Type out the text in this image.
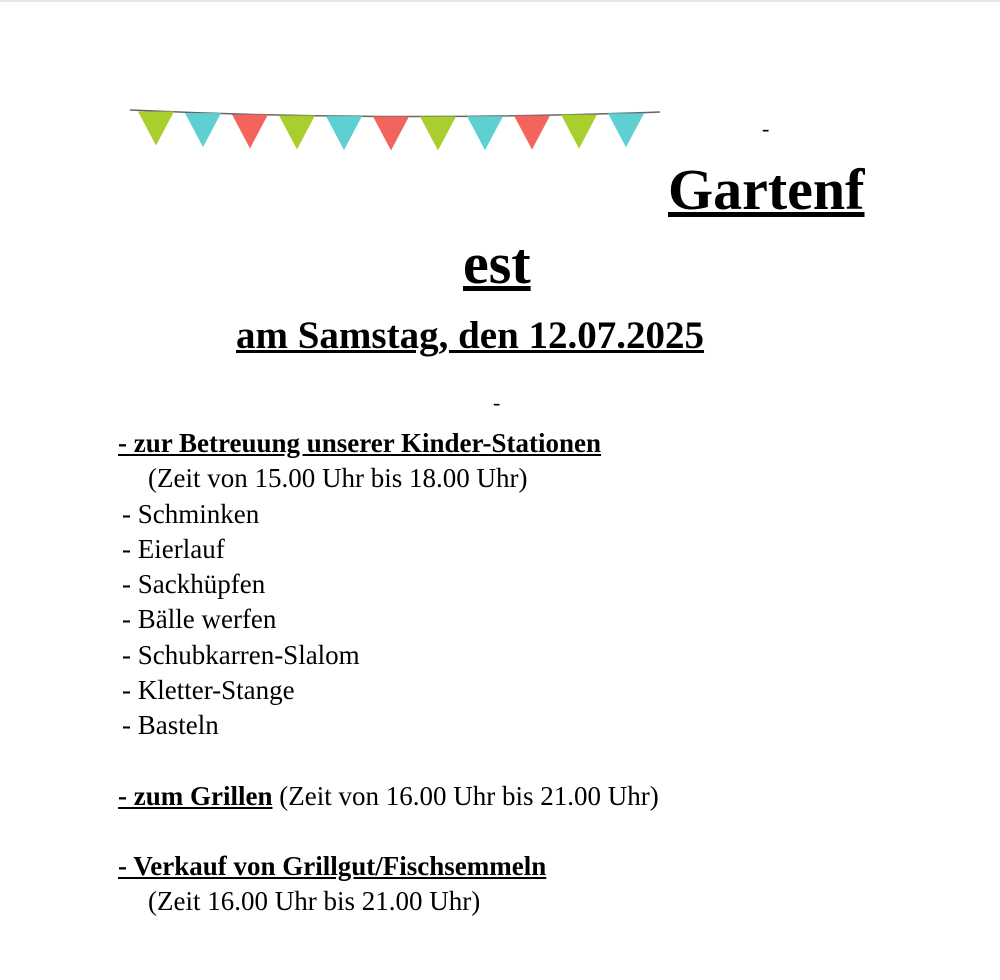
-
Gartenf
est
am Samstag, den 12.07.2025
-
- zur Betreuung unserer Kinder-Stationen
(Zeit von 15.00 Uhr bis 18.00 Uhr)
- Schminken
- Eierlauf
- Sackhüpfen
- Bälle werfen
- Schubkarren-Slalom
- Kletter-Stange
- Basteln
- zum Grillen (Zeit von 16.00 Uhr bis 21.00 Uhr)
- Verkauf von Grillgut/Fischsemmeln
(Zeit 16.00 Uhr bis 21.00 Uhr)
